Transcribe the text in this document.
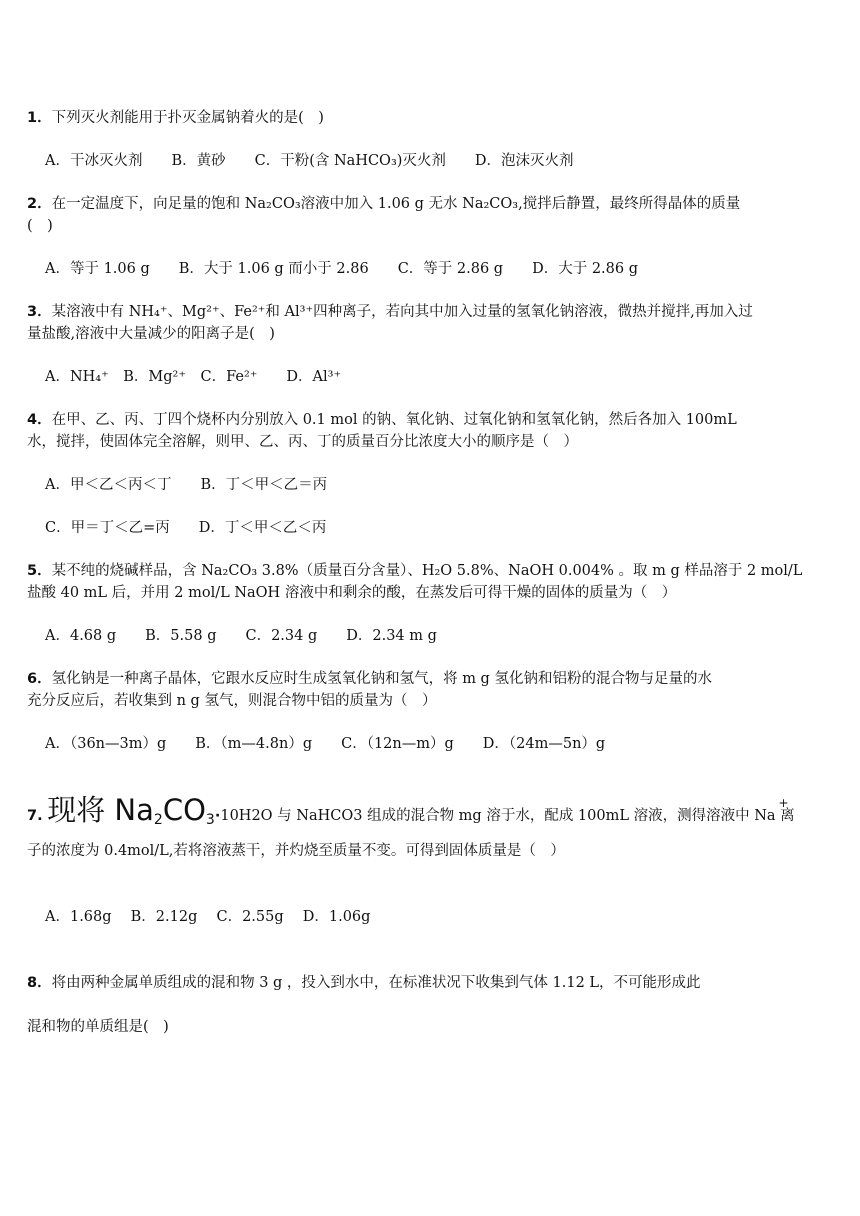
1．下列灭火剂能用于扑灭金属钠着火的是(　)
A．干冰灭火剂　　B．黄砂　　C．干粉(含 NaHCO₃)灭火剂　　D．泡沫灭火剂
2．在一定温度下，向足量的饱和 Na₂CO₃溶液中加入 1.06 g 无水 Na₂CO₃,搅拌后静置，最终所得晶体的质量
(　)
A．等于 1.06 g　　B．大于 1.06 g 而小于 2.86　　C．等于 2.86 g　　D．大于 2.86 g
3．某溶液中有 NH₄⁺、Mg²⁺、Fe²⁺和 Al³⁺四种离子，若向其中加入过量的氢氧化钠溶液，微热并搅拌,再加入过
量盐酸,溶液中大量减少的阳离子是(　)
A．NH₄⁺　B．Mg²⁺　C．Fe²⁺　　D．Al³⁺
4．在甲、乙、丙、丁四个烧杯内分别放入 0.1 mol 的钠、氧化钠、过氧化钠和氢氧化钠，然后各加入 100mL
水，搅拌，使固体完全溶解，则甲、乙、丙、丁的质量百分比浓度大小的顺序是（　）
A．甲＜乙＜丙＜丁　　B．丁＜甲＜乙＝丙
C．甲＝丁＜乙=丙　　D．丁＜甲＜乙＜丙
5．某不纯的烧碱样品，含 Na₂CO₃ 3.8%（质量百分含量）、H₂O 5.8%、NaOH 0.004% 。取 m g 样品溶于 2 mol/L
盐酸 40 mL 后，并用 2 mol/L NaOH 溶液中和剩余的酸，在蒸发后可得干燥的固体的质量为（　）
A．4.68 g　　B．5.58 g　　C．2.34 g　　D．2.34 m g
6．氢化钠是一种离子晶体，它跟水反应时生成氢氧化钠和氢气，将 m g 氢化钠和铝粉的混合物与足量的水
充分反应后，若收集到 n g 氢气，则混合物中铝的质量为（　）
A．（36n—3m）g　　B．（m—4.8n）g　　C．（12n—m）g　　D．（24m—5n）g
7. 现将 Na2CO3·10H2O 与 NaHCO3 组成的混合物 mg 溶于水，配成 100mL 溶液，测得溶液中 Na
+
离
子的浓度为 0.4mol/L,若将溶液蒸干，并灼烧至质量不变。可得到固体质量是（　）
A．1.68g　 B．2.12g　 C．2.55g　 D．1.06g
8．将由两种金属单质组成的混和物 3 g ，投入到水中，在标准状况下收集到气体 1.12 L，不可能形成此
混和物的单质组是(　)
